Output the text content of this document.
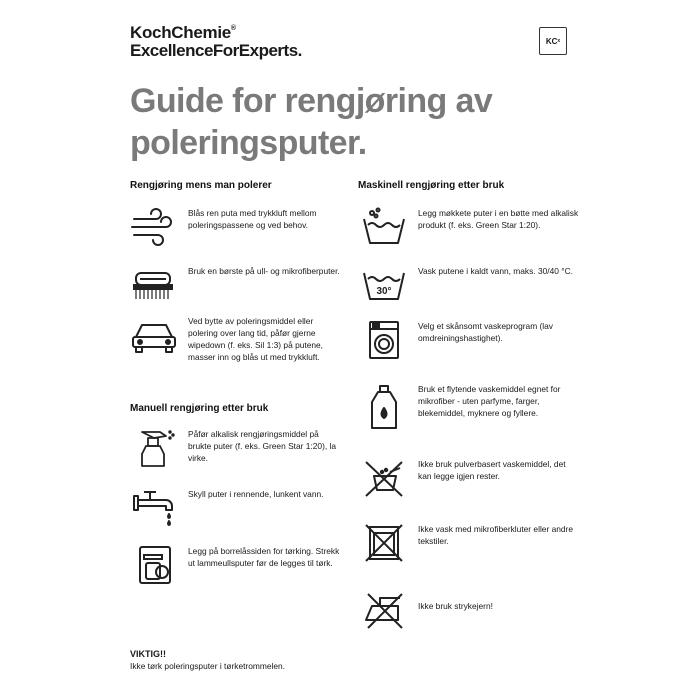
KochChemie®
ExcellenceForExperts.	KC x
Guide for rengjøring av poleringsputer.
Rengjøring mens man polerer
Blås ren puta med trykkluft mellom poleringspassene og ved behov.
Bruk en børste på ull- og mikrofiberputer.
Ved bytte av poleringsmiddel eller polering over lang tid, påfør gjerne wipedown (f. eks. Sil 1:3) på putene, masser inn og blås ut med trykkluft.
Manuell rengjøring etter bruk
Påfør alkalisk rengjøringsmiddel på brukte puter (f. eks. Green Star 1:20), la virke.
Skyll puter i rennende, lunkent vann.
Legg på borrelåssiden for tørking. Strekk ut lammeullsputer før de legges til tørk.
Maskinell rengjøring etter bruk
Legg møkkete puter i en bøtte med alkalisk produkt (f. eks. Green Star 1:20).
30°
Vask putene i kaldt vann, maks. 30/40 °C.
Velg et skånsomt vaskeprogram (lav omdreiningshastighet).
Bruk et flytende vaskemiddel egnet for mikrofiber - uten parfyme, farger, blekemiddel, myknere og fyllere.
Ikke bruk pulverbasert vaskemiddel, det kan legge igjen rester.
Ikke vask med mikrofiberkluter eller andre tekstiler.
Ikke bruk strykejern!
VIKTIG!!
Ikke tørk poleringsputer i tørketrommelen.
